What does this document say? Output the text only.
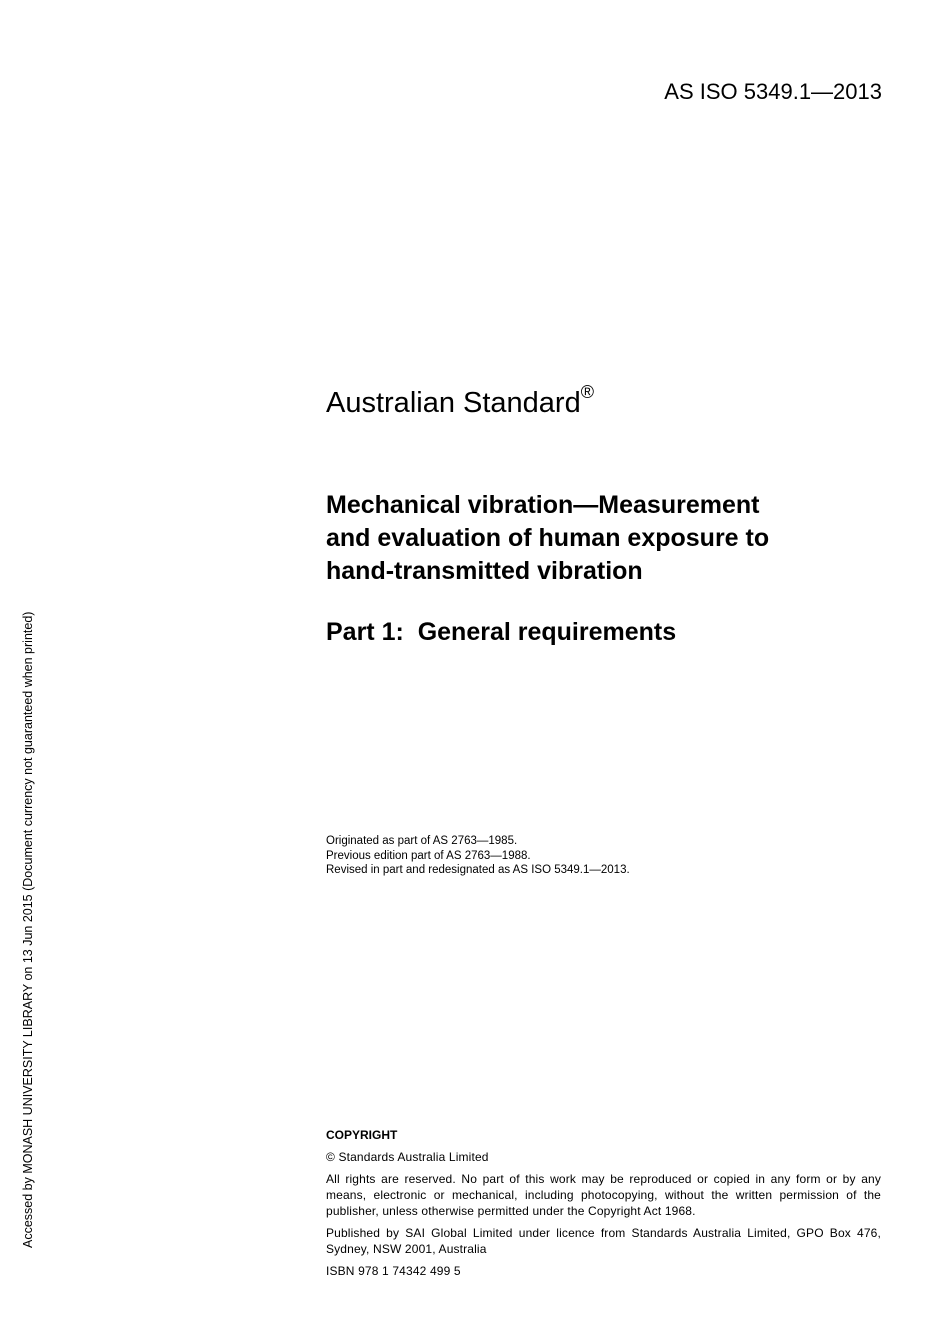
AS ISO 5349.1—2013
Accessed by MONASH UNIVERSITY LIBRARY on 13 Jun 2015 (Document currency not guaranteed when printed)
Australian Standard®
Mechanical vibration—Measurement
and evaluation of human exposure to
hand-transmitted vibration
Part 1:  General requirements
Originated as part of AS 2763—1985.
Previous edition part of AS 2763—1988.
Revised in part and redesignated as AS ISO 5349.1—2013.
COPYRIGHT

© Standards Australia Limited

All rights are reserved. No part of this work may be reproduced or copied in any form or by any means, electronic or mechanical, including photocopying, without the written permission of the publisher, unless otherwise permitted under the Copyright Act 1968.

Published by SAI Global Limited under licence from Standards Australia Limited, GPO Box 476, Sydney, NSW 2001, Australia

ISBN 978 1 74342 499 5
